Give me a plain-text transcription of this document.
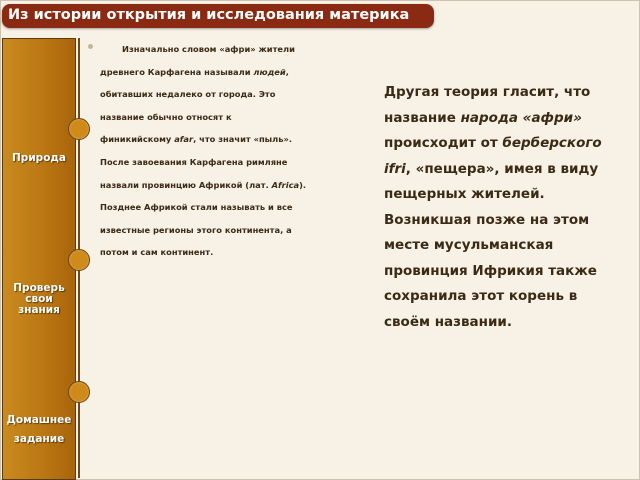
Из истории открытия и исследования материка
Природа
Проверь
свои
знания
Домашнее
задание

Изначально словом «афри» жители

древнего Карфагена называли людей,

обитавших недалеко от города. Это

название обычно относят к

финикийскому afar, что значит «пыль».

После завоевания Карфагена римляне

назвали провинцию Африкой (лат. Africa).

Позднее Африкой стали называть и все

известные регионы этого континента, а

потом и сам континент.

Другая теория гласит, что

название народа «афри»

происходит от берберского

ifri, «пещера», имея в виду

пещерных жителей.

Возникшая позже на этом

месте мусульманская

провинция Ифрикия также

сохранила этот корень в

своём названии.
